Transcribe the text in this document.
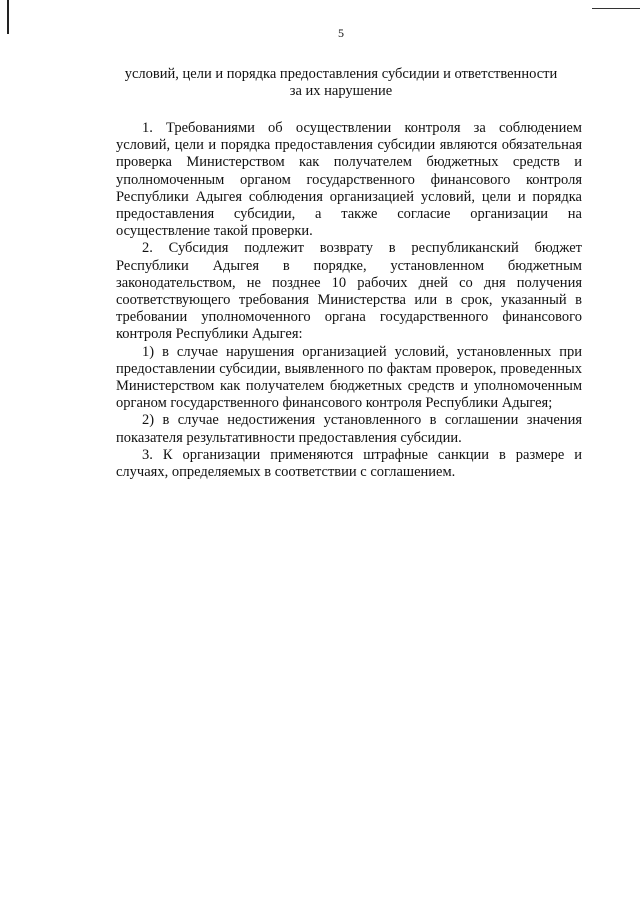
5
условий, цели и порядка предоставления субсидии и ответственности
за их нарушение

1. Требованиями об осуществлении контроля за соблюдением условий, цели и порядка предоставления субсидии являются обязательная проверка Министерством как получателем бюджетных средств и уполномоченным органом государственного финансового контроля Республики Адыгея соблюдения организацией условий, цели и порядка предоставления субсидии, а также согласие организации на осуществление такой проверки.

2. Субсидия подлежит возврату в республиканский бюджет Республики Адыгея в порядке, установленном бюджетным законодательством, не позднее 10 рабочих дней со дня получения соответствующего требования Министерства или в срок, указанный в требовании уполномоченного органа государственного финансового контроля Республики Адыгея:

1) в случае нарушения организацией условий, установленных при предоставлении субсидии, выявленного по фактам проверок, проведенных Министерством как получателем бюджетных средств и уполномоченным органом государственного финансового контроля Республики Адыгея;

2) в случае недостижения установленного в соглашении значения показателя результативности предоставления субсидии.

3. К организации применяются штрафные санкции в размере и случаях, определяемых в соответствии с соглашением.
